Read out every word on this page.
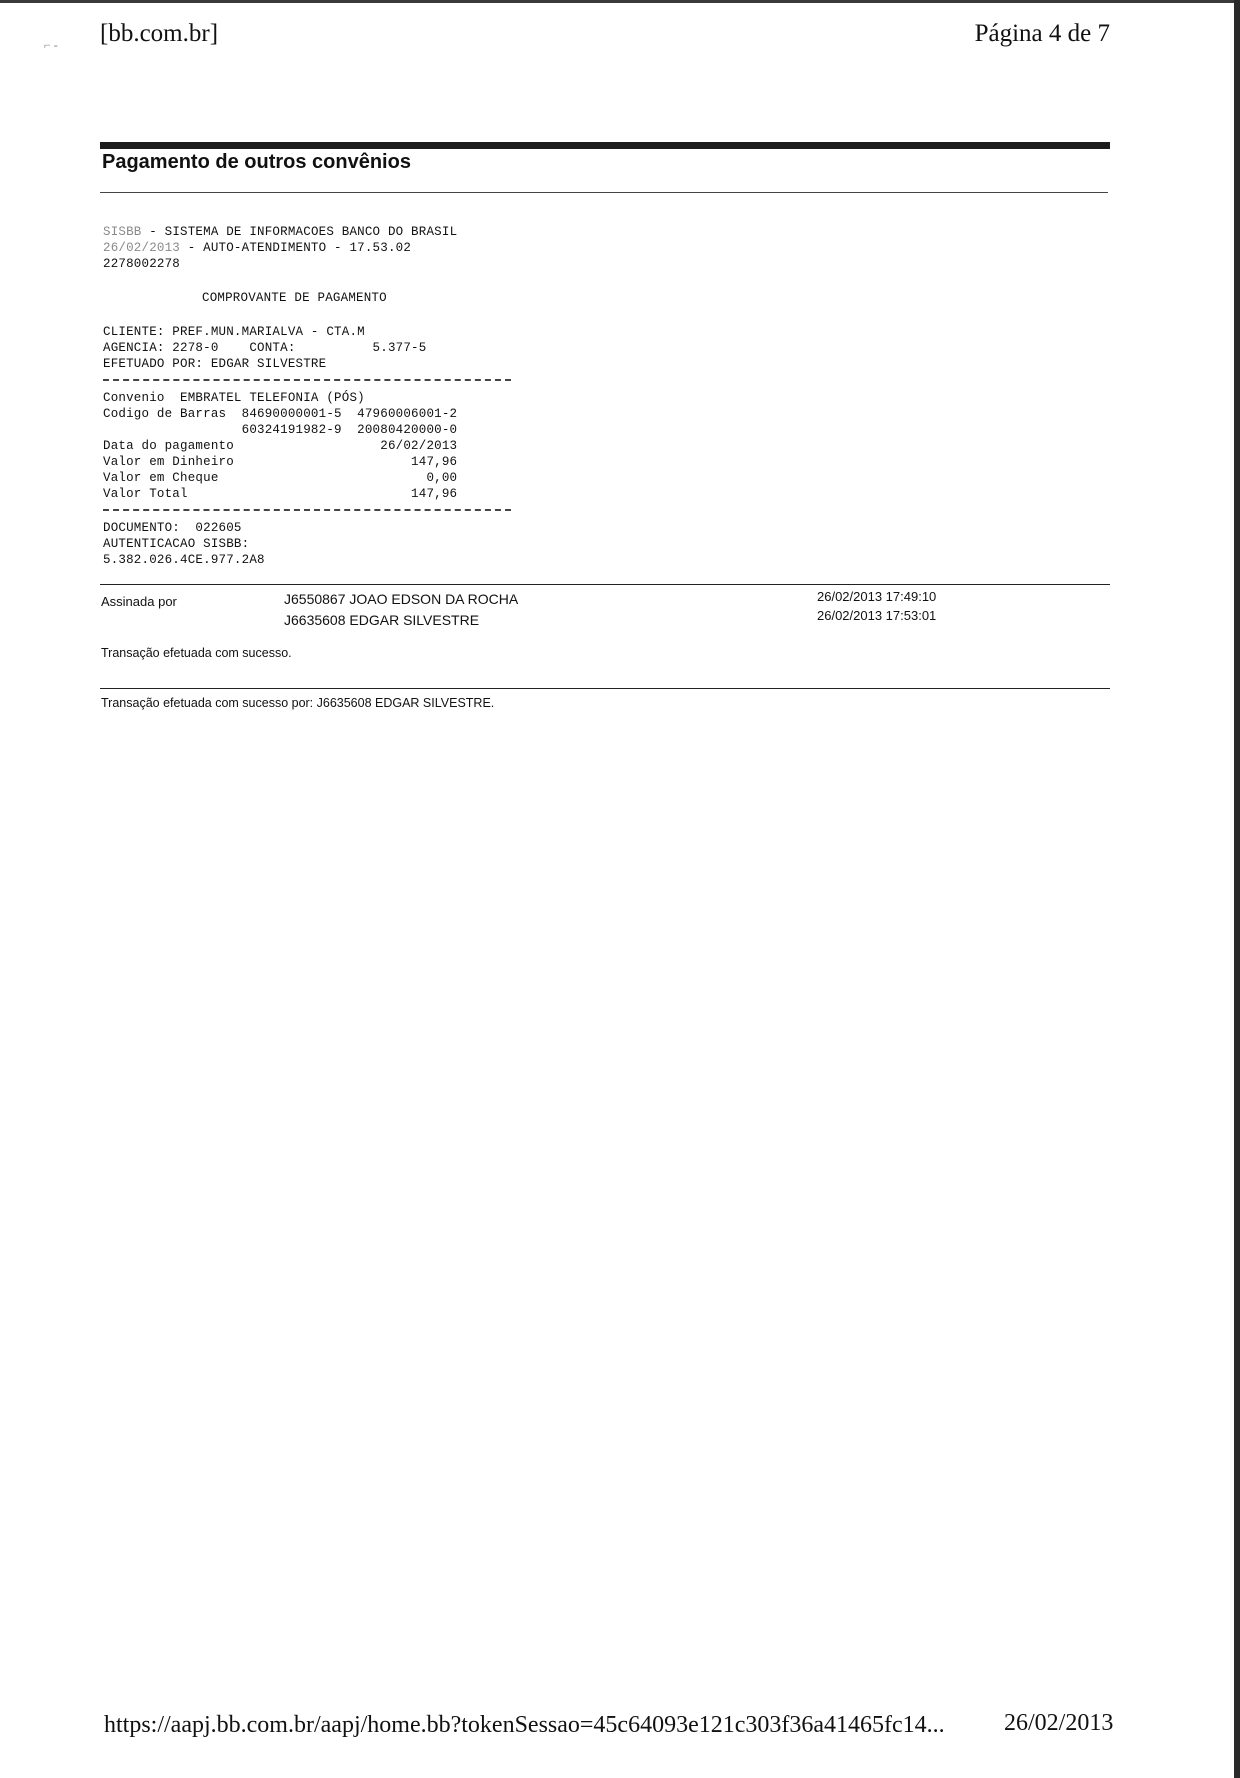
⌐ - [bb.com.br]	Página 4 de 7
Pagamento de outros convênios
SISBB - SISTEMA DE INFORMACOES BANCO DO BRASIL
26/02/2013 - AUTO-ATENDIMENTO - 17.53.02
2278002278
COMPROVANTE DE PAGAMENTO
CLIENTE: PREF.MUN.MARIALVA - CTA.M
AGENCIA: 2278-0    CONTA:          5.377-5
EFETUADO POR: EDGAR SILVESTRE
Convenio  EMBRATEL TELEFONIA (PÓS)
Codigo de Barras  84690000001-5  47960006001-2
60324191982-9  20080420000-0
Data do pagamento                   26/02/2013
Valor em Dinheiro                       147,96
Valor em Cheque                           0,00
Valor Total                             147,96
DOCUMENTO:  022605
AUTENTICACAO SISBB:
5.382.026.4CE.977.2A8
Assinada por	J6550867 JOAO EDSON DA ROCHA	26/02/2013 17:49:10
J6635608 EDGAR SILVESTRE	26/02/2013 17:53:01
Transação efetuada com sucesso.
Transação efetuada com sucesso por: J6635608 EDGAR SILVESTRE.
https://aapj.bb.com.br/aapj/home.bb?tokenSessao=45c64093e121c303f36a41465fc14... 26/02/2013
